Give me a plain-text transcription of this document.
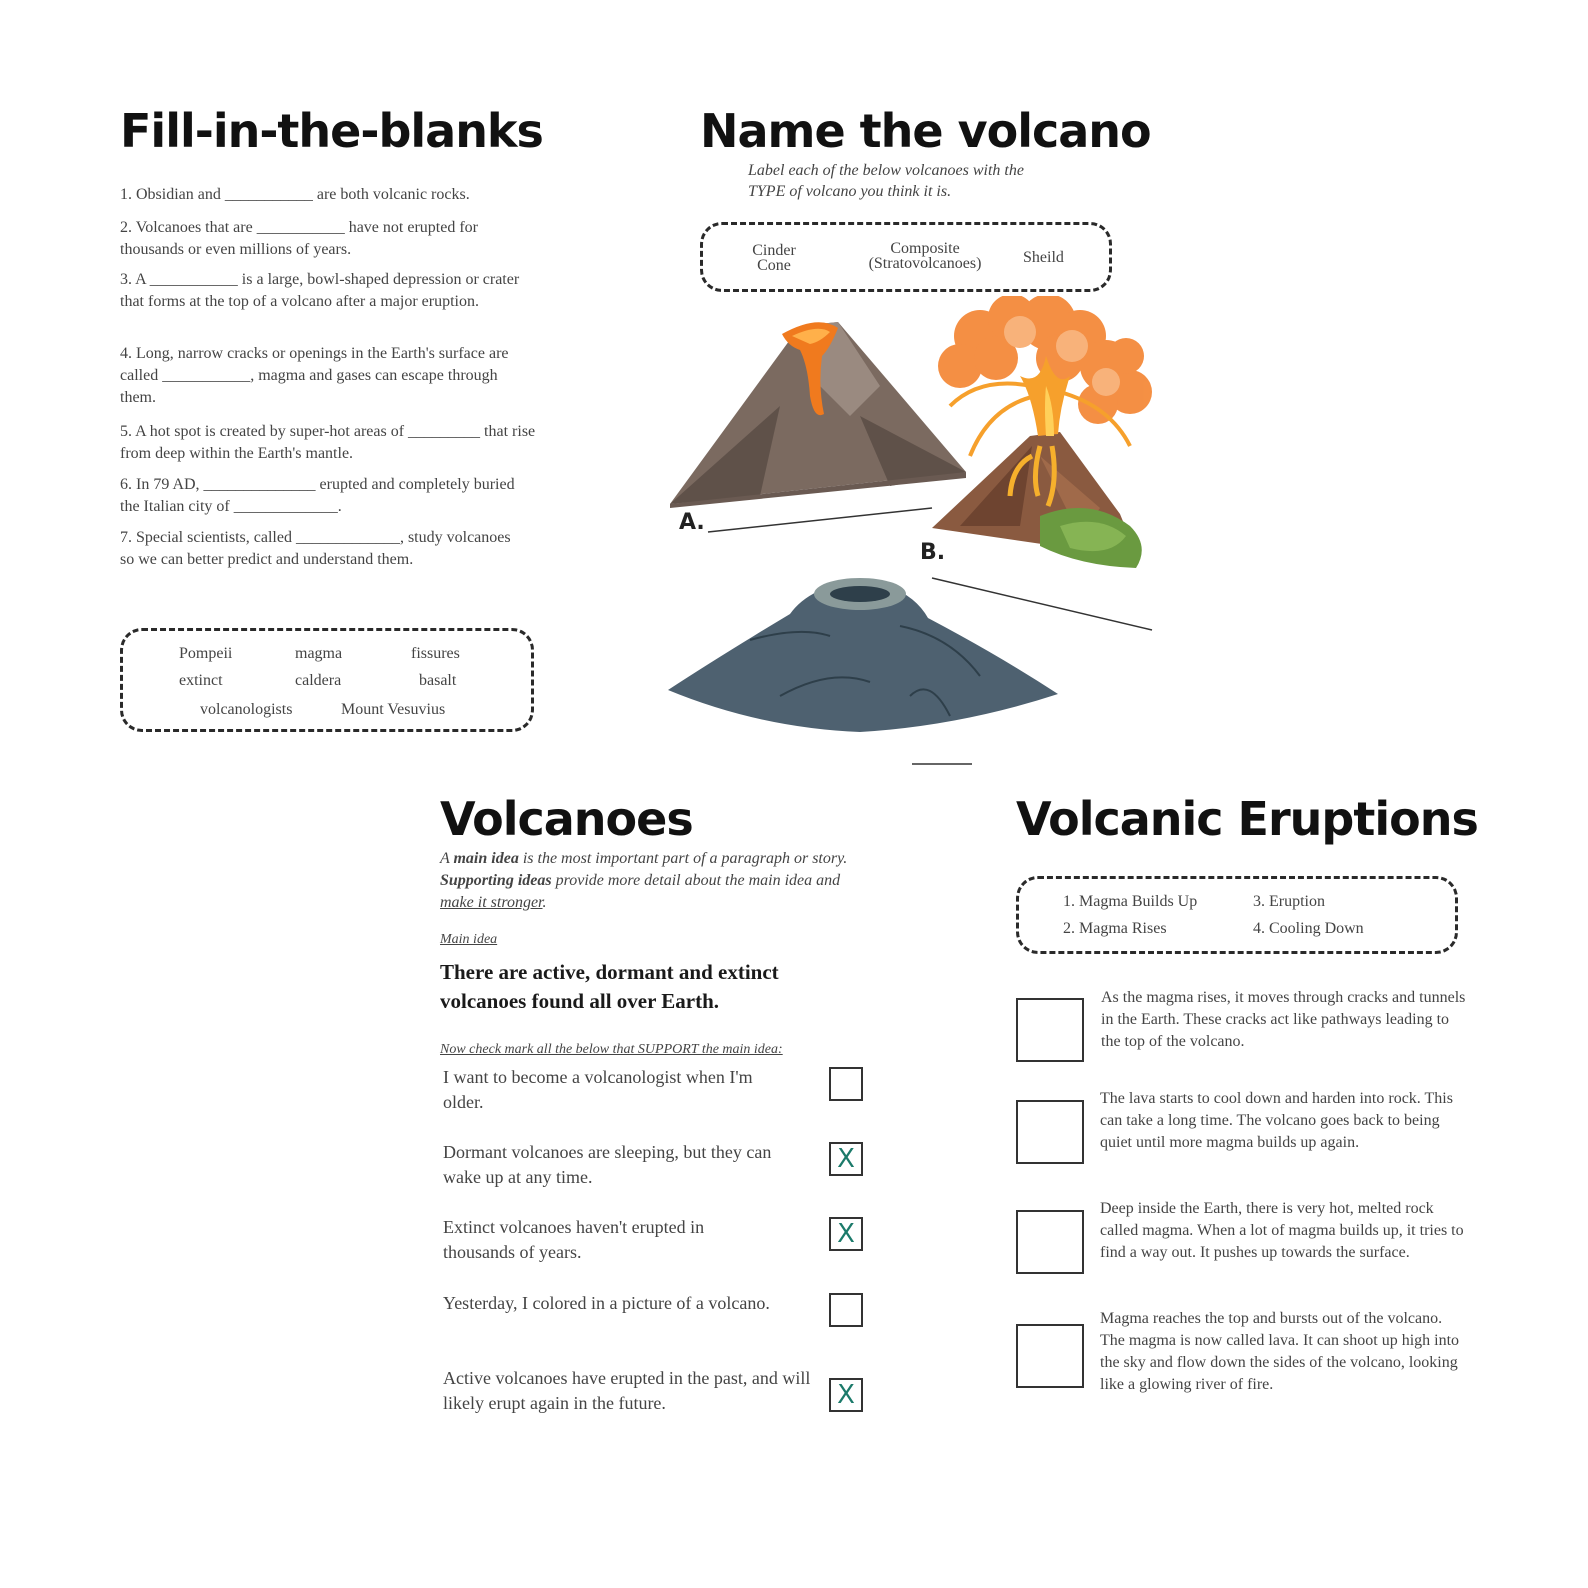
Fill-in-the-blanks
1. Obsidian and ___________ are both volcanic rocks.
2. Volcanoes that are ___________ have not erupted for thousands or even millions of years.
3. A ___________ is a large, bowl-shaped depression or crater that forms at the top of a volcano after a major eruption.
4. Long, narrow cracks or openings in the Earth's surface are called ___________, magma and gases can escape through them.
5. A hot spot is created by super-hot areas of _________ that rise from deep within the Earth's mantle.
6. In 79 AD, ______________ erupted and completely buried the Italian city of _____________.
7. Special scientists, called _____________, study volcanoes so we can better predict and understand them.
Pompeii	magma	fissures
extinct	caldera	basalt
volcanologists	Mount Vesuvius
Name the volcano
Label each of the below volcanoes with the
TYPE of volcano you think it is.
Cinder
Cone
Composite
(Stratovolcanoes)	Sheild
A.
B.
Volcanoes
A main idea is the most important part of a paragraph or story. Supporting ideas provide more detail about the main idea and make it stronger.
Main idea
There are active, dormant and extinct volcanoes found all over Earth.
Now check mark all the below that SUPPORT the main idea:
I want to become a volcanologist when I'm older.
Dormant volcanoes are sleeping, but they can wake up at any time.
X
Extinct volcanoes haven't erupted in thousands of years.
X
Yesterday, I colored in a picture of a volcano.
Active volcanoes have erupted in the past, and will likely erupt again in the future.	X
Volcanic Eruptions
1. Magma Builds Up
2. Magma Rises
3. Eruption
4. Cooling Down
As the magma rises, it moves through cracks and tunnels in the Earth. These cracks act like pathways leading to the top of the volcano.
The lava starts to cool down and harden into rock. This can take a long time. The volcano goes back to being quiet until more magma builds up again.
Deep inside the Earth, there is very hot, melted rock called magma. When a lot of magma builds up, it tries to find a way out. It pushes up towards the surface.
Magma reaches the top and bursts out of the volcano. The magma is now called lava. It can shoot up high into the sky and flow down the sides of the volcano, looking like a glowing river of fire.
